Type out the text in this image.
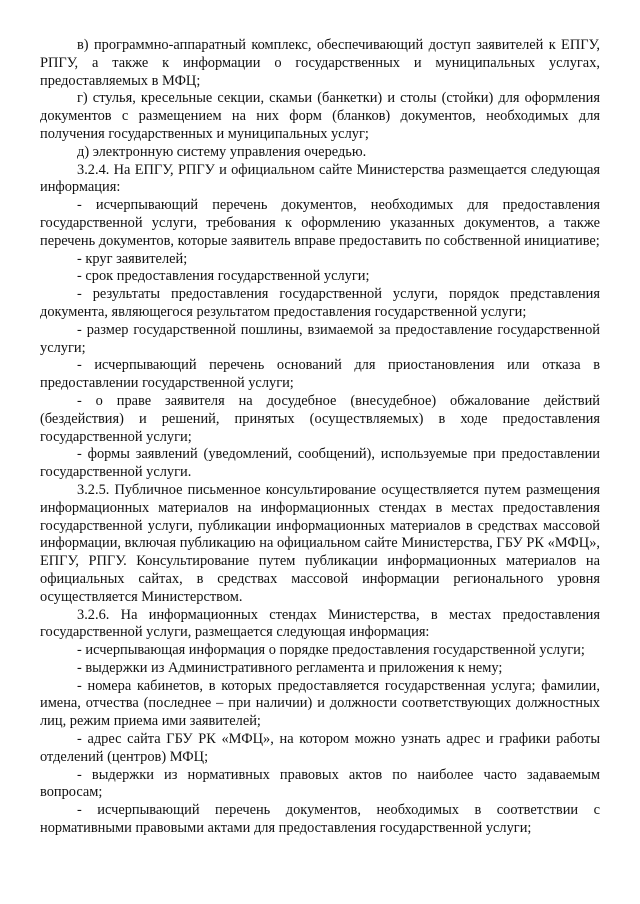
в) программно-аппаратный комплекс, обеспечивающий доступ заявителей к ЕПГУ, РПГУ, а также к информации о государственных и муниципальных услугах, предоставляемых в МФЦ;

г) стулья, кресельные секции, скамьи (банкетки) и столы (стойки) для оформления документов с размещением на них форм (бланков) документов, необходимых для получения государственных и муниципальных услуг;

д) электронную систему управления очередью.

3.2.4. На ЕПГУ, РПГУ и официальном сайте Министерства размещается следующая информация:

- исчерпывающий перечень документов, необходимых для предоставления государственной услуги, требования к оформлению указанных документов, а также перечень документов, которые заявитель вправе предоставить по собственной инициативе;

- круг заявителей;

- срок предоставления государственной услуги;

- результаты предоставления государственной услуги, порядок представления документа, являющегося результатом предоставления государственной услуги;

- размер государственной пошлины, взимаемой за предоставление государственной услуги;

- исчерпывающий перечень оснований для приостановления или отказа в предоставлении государственной услуги;

- о праве заявителя на досудебное (внесудебное) обжалование действий (бездействия) и решений, принятых (осуществляемых) в ходе предоставления государственной услуги;

- формы заявлений (уведомлений, сообщений), используемые при предоставлении государственной услуги.

3.2.5. Публичное письменное консультирование осуществляется путем размещения информационных материалов на информационных стендах в местах предоставления государственной услуги, публикации информационных материалов в средствах массовой информации, включая публикацию на официальном сайте Министерства, ГБУ РК «МФЦ», ЕПГУ, РПГУ. Консультирование путем публикации информационных материалов на официальных сайтах, в средствах массовой информации регионального уровня осуществляется Министерством.

3.2.6. На информационных стендах Министерства, в местах предоставления государственной услуги, размещается следующая информация:

- исчерпывающая информация о порядке предоставления государственной услуги;

- выдержки из Административного регламента и приложения к нему;

- номера кабинетов, в которых предоставляется государственная услуга; фамилии, имена, отчества (последнее – при наличии) и должности соответствующих должностных лиц, режим приема ими заявителей;

- адрес сайта ГБУ РК «МФЦ», на котором можно узнать адрес и графики работы отделений (центров) МФЦ;

- выдержки из нормативных правовых актов по наиболее часто задаваемым вопросам;

- исчерпывающий перечень документов, необходимых в соответствии с нормативными правовыми актами для предоставления государственной услуги;
